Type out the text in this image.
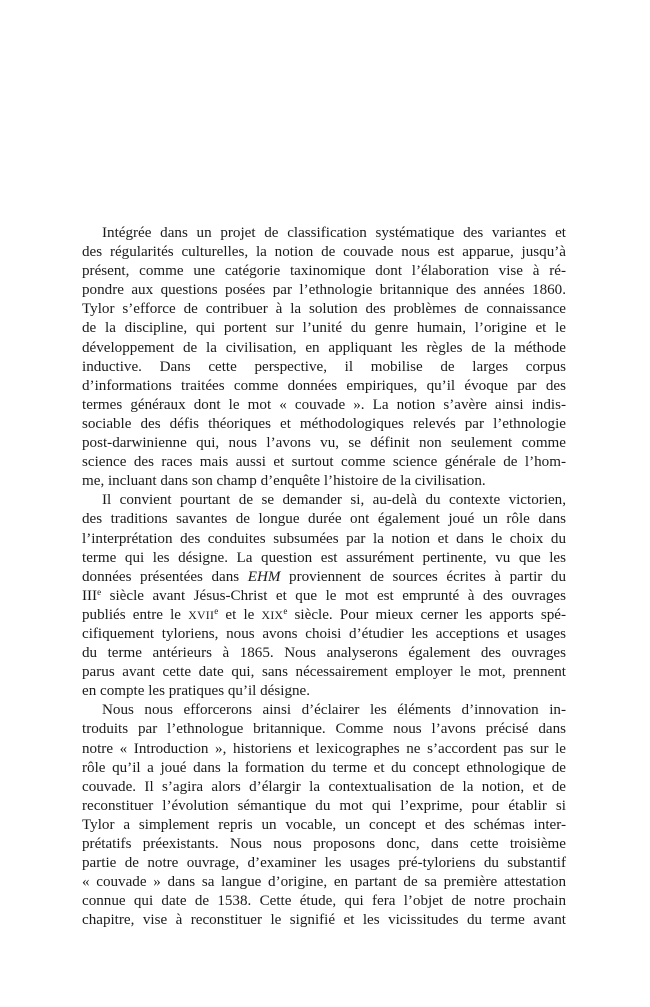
Intégrée dans un projet de classification systématique des variantes et
des régularités culturelles, la notion de couvade nous est apparue, jusqu’à
présent, comme une catégorie taxinomique dont l’élaboration vise à ré-
pondre aux questions posées par l’ethnologie britannique des années 1860.
Tylor s’efforce de contribuer à la solution des problèmes de connaissance
de la discipline, qui portent sur l’unité du genre humain, l’origine et le
développement de la civilisation, en appliquant les règles de la méthode
inductive. Dans cette perspective, il mobilise de larges corpus
d’informations traitées comme données empiriques, qu’il évoque par des
termes généraux dont le mot « couvade ». La notion s’avère ainsi indis-
sociable des défis théoriques et méthodologiques relevés par l’ethnologie
post-darwinienne qui, nous l’avons vu, se définit non seulement comme
science des races mais aussi et surtout comme science générale de l’hom-
me, incluant dans son champ d’enquête l’histoire de la civilisation.
Il convient pourtant de se demander si, au-delà du contexte victorien,
des traditions savantes de longue durée ont également joué un rôle dans
l’interprétation des conduites subsumées par la notion et dans le choix du
terme qui les désigne. La question est assurément pertinente, vu que les
données présentées dans EHM proviennent de sources écrites à partir du
IIIe siècle avant Jésus-Christ et que le mot est emprunté à des ouvrages
publiés entre le XVIIe et le XIXe siècle. Pour mieux cerner les apports spé-
cifiquement tyloriens, nous avons choisi d’étudier les acceptions et usages
du terme antérieurs à 1865. Nous analyserons également des ouvrages
parus avant cette date qui, sans nécessairement employer le mot, prennent
en compte les pratiques qu’il désigne.
Nous nous efforcerons ainsi d’éclairer les éléments d’innovation in-
troduits par l’ethnologue britannique. Comme nous l’avons précisé dans
notre « Introduction », historiens et lexicographes ne s’accordent pas sur le
rôle qu’il a joué dans la formation du terme et du concept ethnologique de
couvade. Il s’agira alors d’élargir la contextualisation de la notion, et de
reconstituer l’évolution sémantique du mot qui l’exprime, pour établir si
Tylor a simplement repris un vocable, un concept et des schémas inter-
prétatifs préexistants. Nous nous proposons donc, dans cette troisième
partie de notre ouvrage, d’examiner les usages pré-tyloriens du substantif
« couvade » dans sa langue d’origine, en partant de sa première attestation
connue qui date de 1538. Cette étude, qui fera l’objet de notre prochain
chapitre, vise à reconstituer le signifié et les vicissitudes du terme avant
